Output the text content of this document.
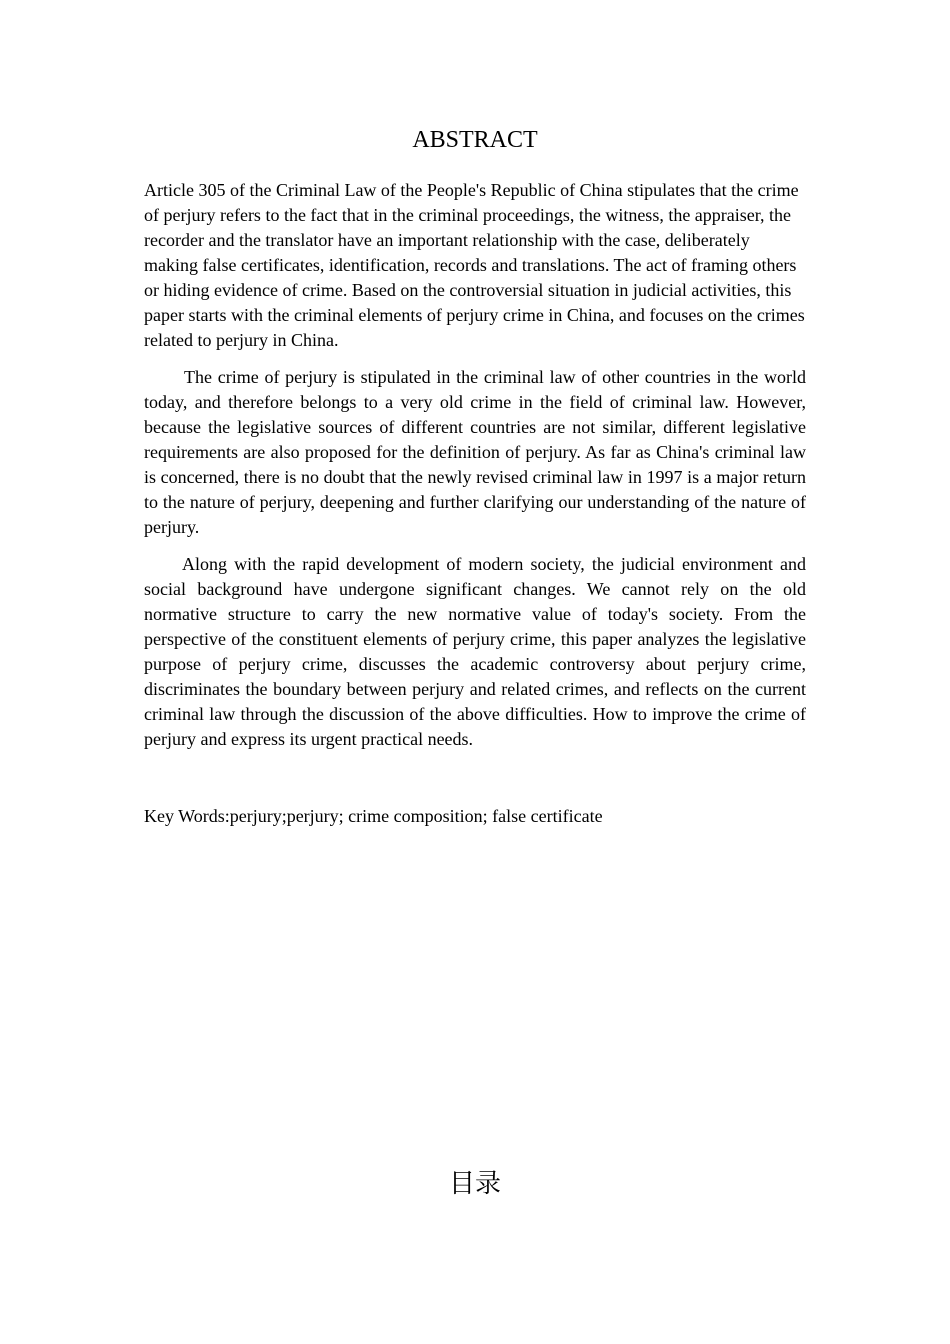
ABSTRACT

Article 305 of the Criminal Law of the People's Republic of China stipulates that the crime of perjury refers to the fact that in the criminal proceedings, the witness, the appraiser, the recorder and the translator have an important relationship with the case, deliberately making false certificates, identification, records and translations. The act of framing others or hiding evidence of crime. Based on the controversial situation in judicial activities, this paper starts with the criminal elements of perjury crime in China, and focuses on the crimes related to perjury in China.

The crime of perjury is stipulated in the criminal law of other countries in the world today, and therefore belongs to a very old crime in the field of criminal law. However, because the legislative sources of different countries are not similar, different legislative requirements are also proposed for the definition of perjury. As far as China's criminal law is concerned, there is no doubt that the newly revised criminal law in 1997 is a major return to the nature of perjury, deepening and further clarifying our understanding of the nature of perjury.

Along with the rapid development of modern society, the judicial environment and social background have undergone significant changes. We cannot rely on the old normative structure to carry the new normative value of today's society. From the perspective of the constituent elements of perjury crime, this paper analyzes the legislative purpose of perjury crime, discusses the academic controversy about perjury crime, discriminates the boundary between perjury and related crimes, and reflects on the current criminal law through the discussion of the above difficulties. How to improve the crime of perjury and express its urgent practical needs.

Key Words:perjury;perjury; crime composition; false certificate

目录
